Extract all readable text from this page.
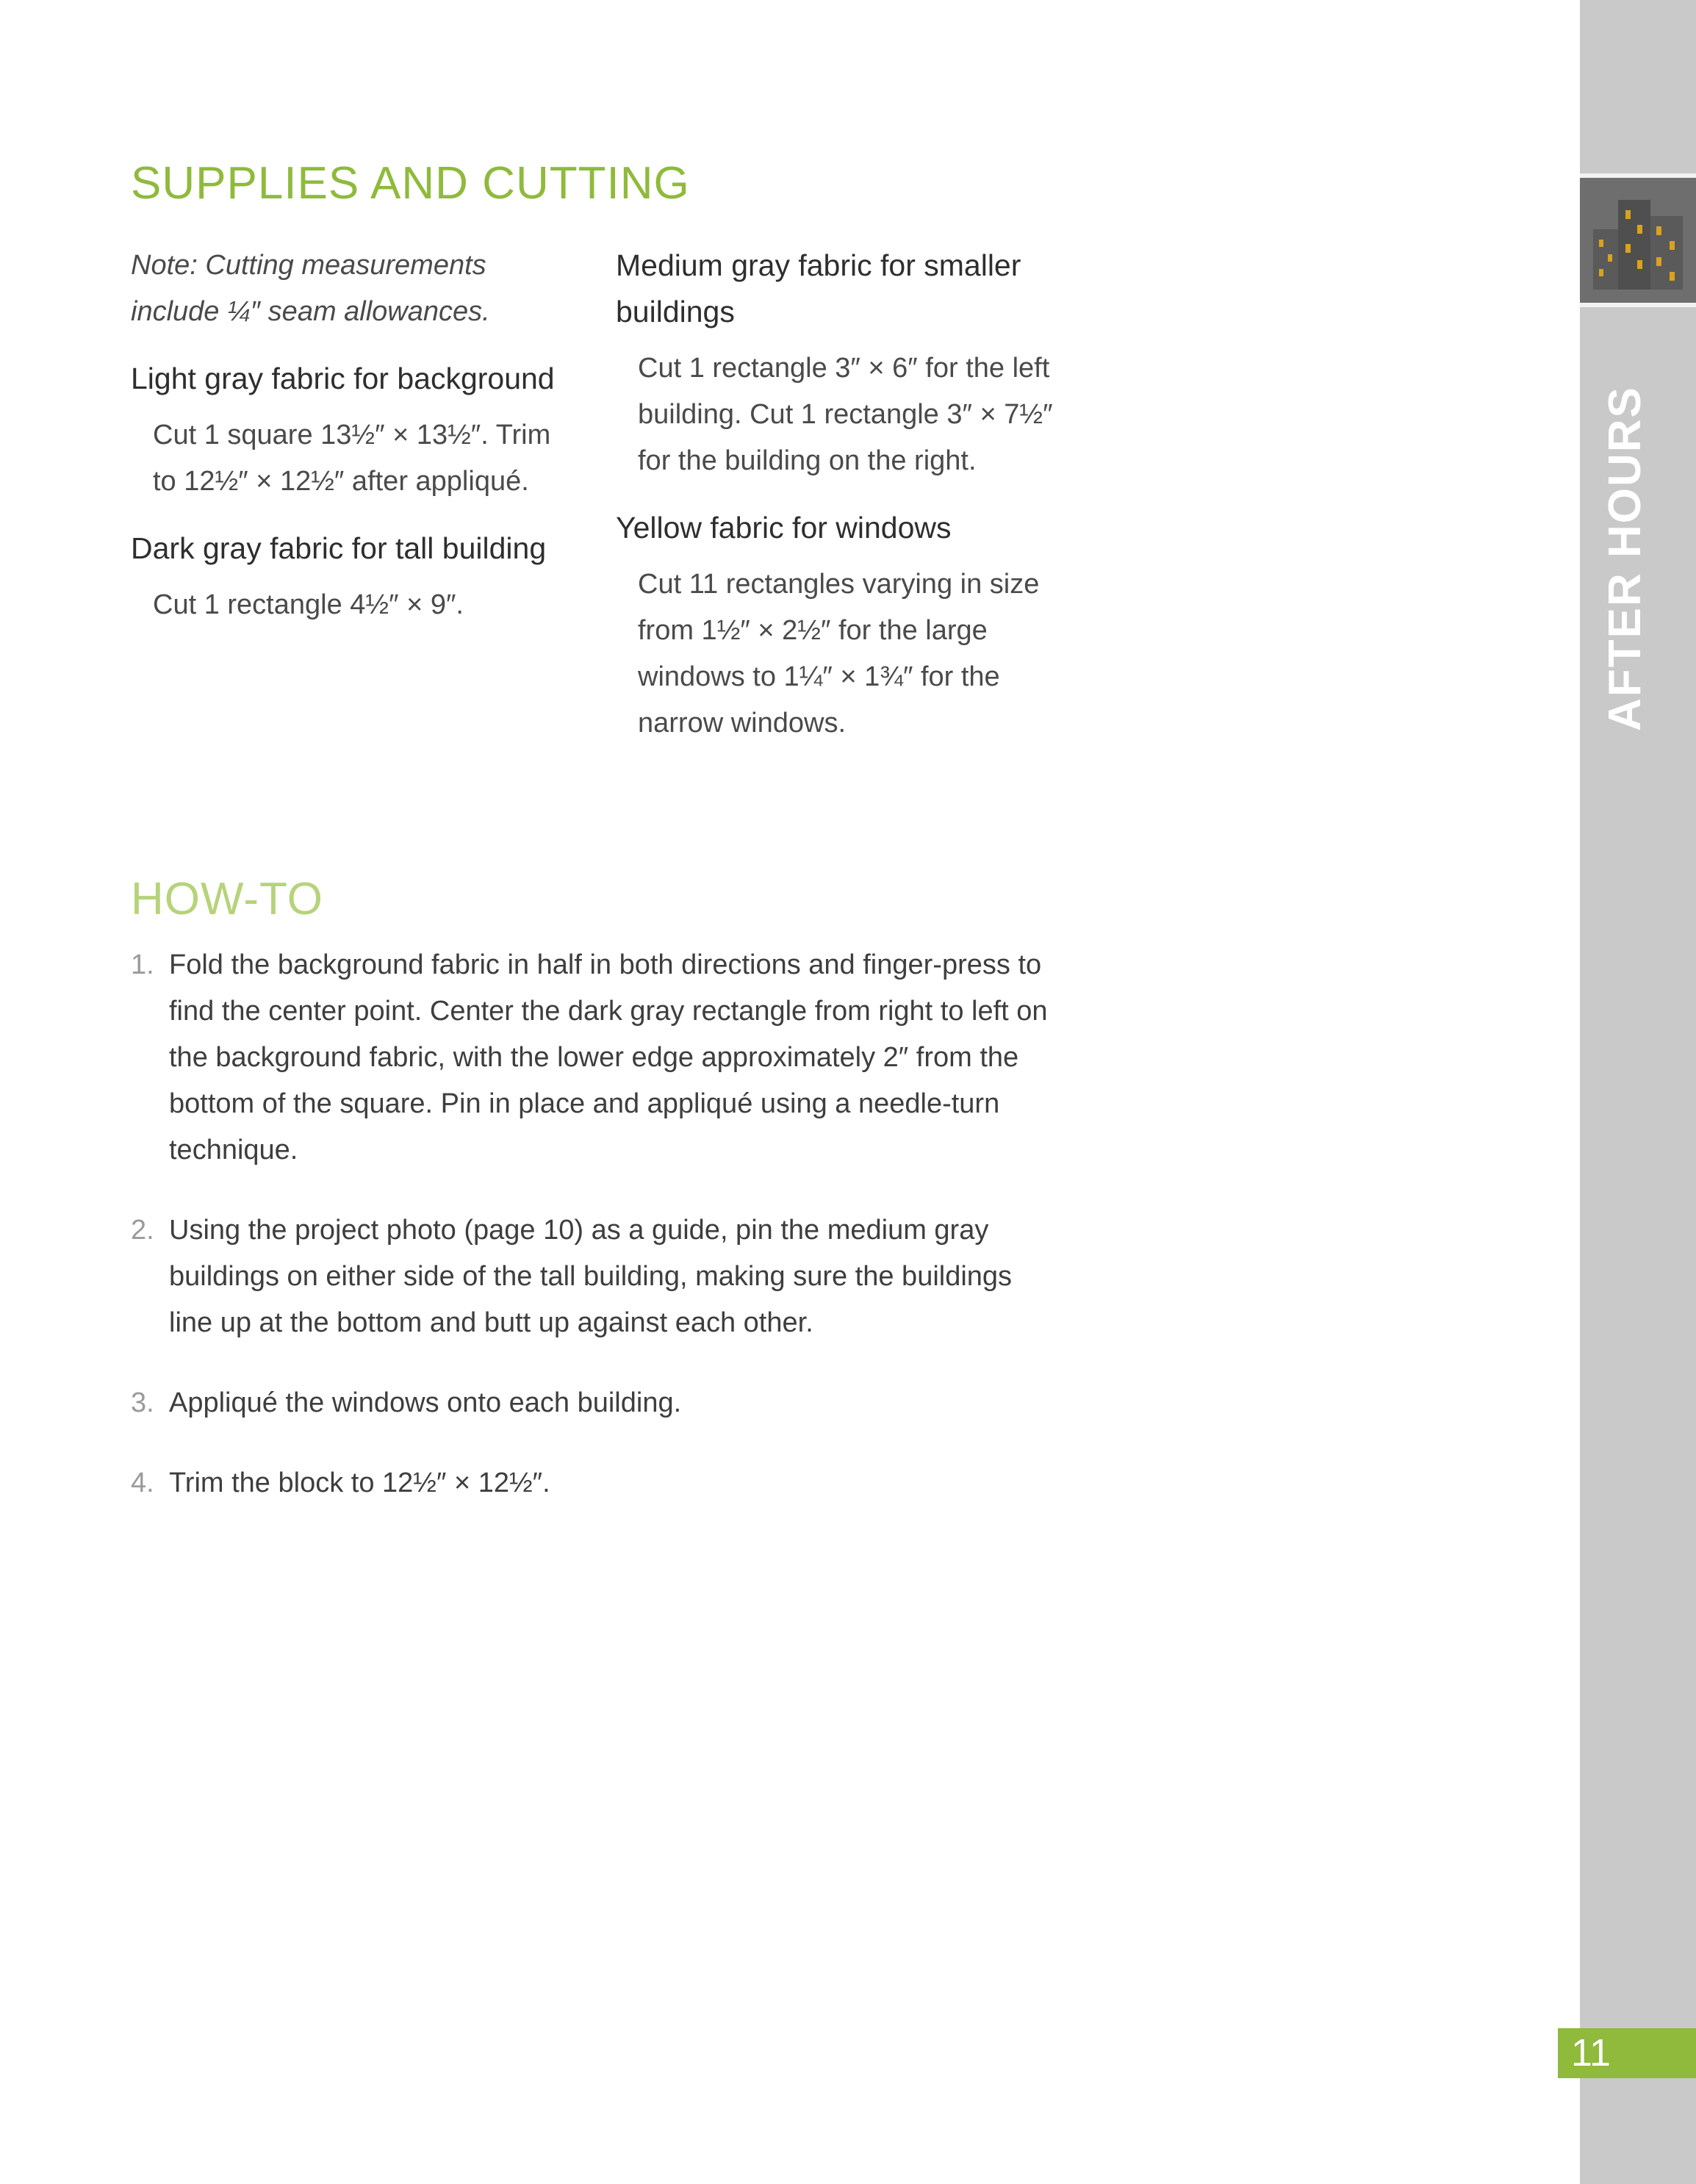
SUPPLIES AND CUTTING

Note: Cutting measurements include ¼″ seam allowances.

Light gray fabric for background

Cut 1 square 13½″ × 13½″. Trim to 12½″ × 12½″ after appliqué.

Dark gray fabric for tall building

Cut 1 rectangle 4½″ × 9″.

Medium gray fabric for smaller buildings

Cut 1 rectangle 3″ × 6″ for the left building. Cut 1 rectangle 3″ × 7½″ for the building on the right.

Yellow fabric for windows

Cut 11 rectangles varying in size from 1½″ × 2½″ for the large windows to 1¼″ × 1¾″ for the narrow windows.

HOW-TO
1. Fold the background fabric in half in both directions and finger-press to find the center point. Center the dark gray rectangle from right to left on the background fabric, with the lower edge approximately 2″ from the bottom of the square. Pin in place and appliqué using a needle-turn technique.
2. Using the project photo (page 10) as a guide, pin the medium gray buildings on either side of the tall building, making sure the buildings line up at the bottom and butt up against each other.
3. Appliqué the windows onto each building.
4. Trim the block to 12½″ × 12½″.
AFTER HOURS
11
